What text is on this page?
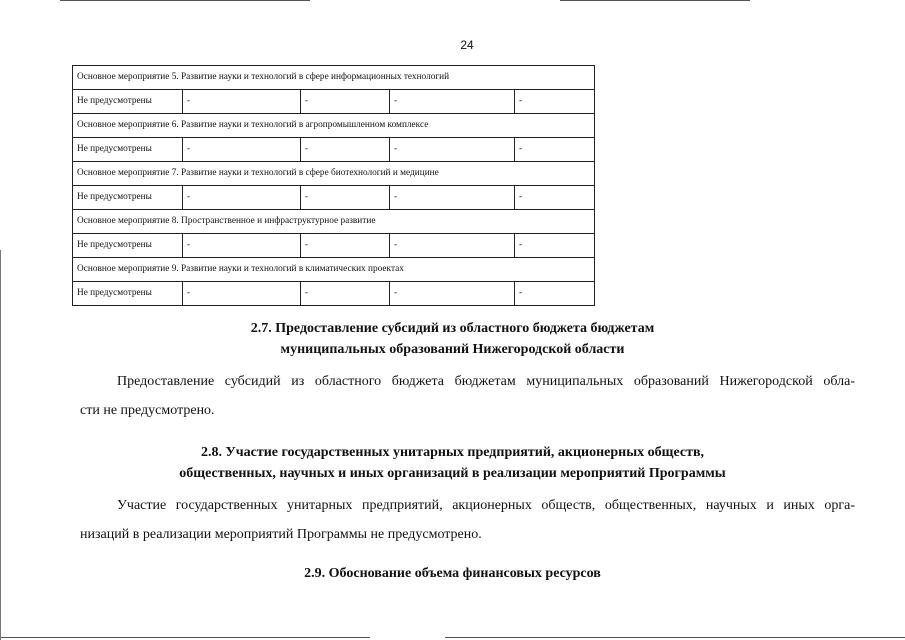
24
Основное мероприятие 5. Развитие науки и технологий в сфере информационных технологий				
Не предусмотрены	-	-	-	-
Основное мероприятие 6. Развитие науки и технологий в агропромышленном комплексе				
Не предусмотрены	-	-	-	-
Основное мероприятие 7. Развитие науки и технологий в сфере биотехнологий и медицине				
Не предусмотрены	-	-	-	-
Основное мероприятие 8. Пространственное и инфраструктурное развитие				
Не предусмотрены	-	-	-	-
Основное мероприятие 9. Развитие науки и технологий в климатических проектах				
Не предусмотрены	-	-	-	-
2.7. Предоставление субсидий из областного бюджета бюджетам
муниципальных образований Нижегородской области
Предоставление субсидий из областного бюджета бюджетам муниципальных образований Нижегородской обла-
сти не предусмотрено.
2.8. Участие государственных унитарных предприятий, акционерных обществ,
общественных, научных и иных организаций в реализации мероприятий Программы
Участие государственных унитарных предприятий, акционерных обществ, общественных, научных и иных орга-
низаций в реализации мероприятий Программы не предусмотрено.
2.9. Обоснование объема финансовых ресурсов
